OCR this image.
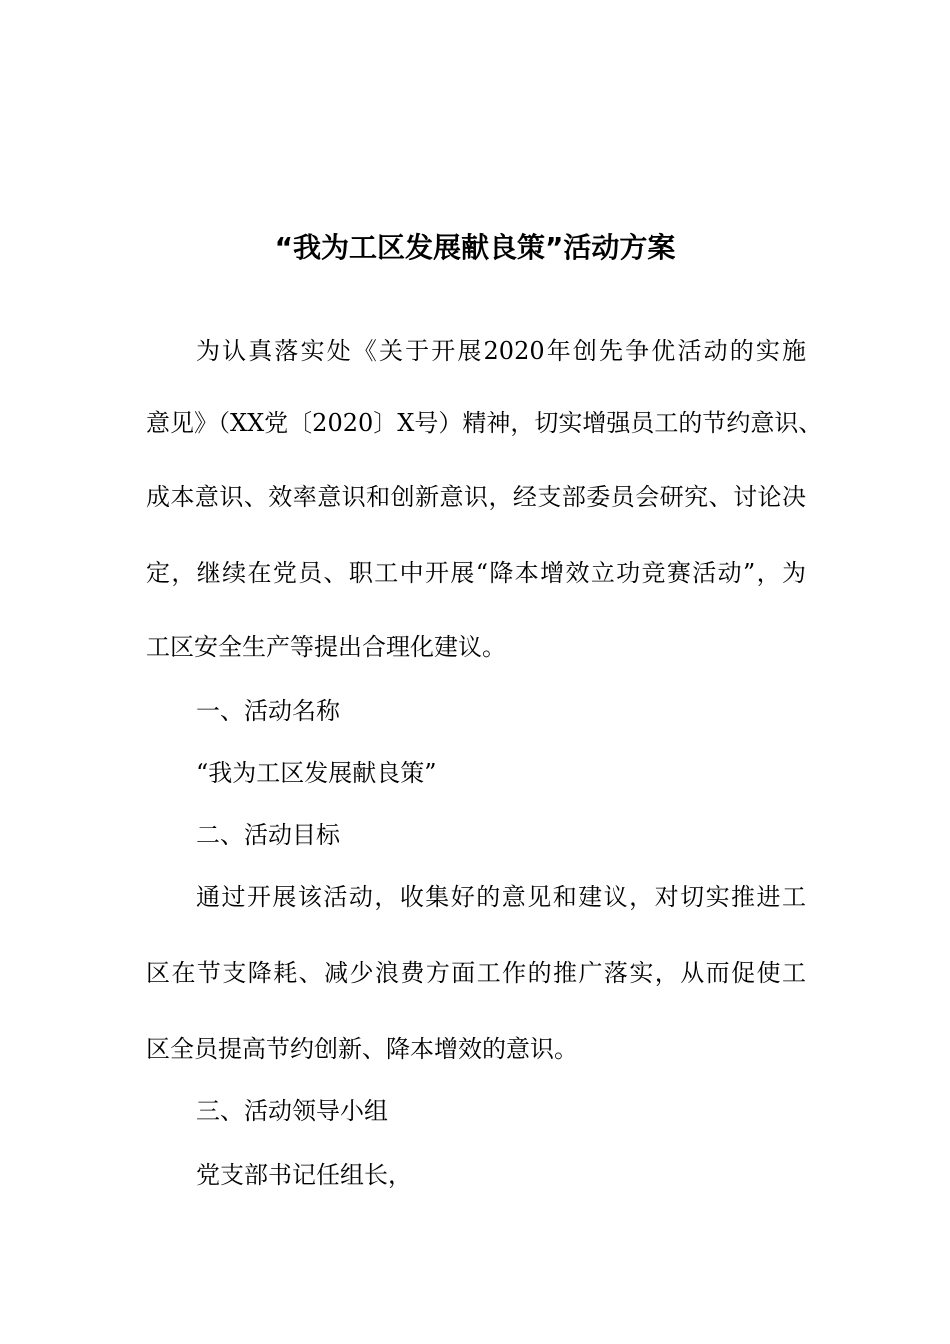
“我为工区发展献良策”活动方案
为认真落实处《关于开展2020年创先争优活动的实施
意见》（XX党〔2020〕X号）精神，切实增强员工的节约意识、
成本意识、效率意识和创新意识，经支部委员会研究、讨论决
定，继续在党员、职工中开展“降本增效立功竞赛活动”，为
工区安全生产等提出合理化建议。
一、活动名称
“我为工区发展献良策”
二、活动目标
通过开展该活动，收集好的意见和建议，对切实推进工
区在节支降耗、减少浪费方面工作的推广落实，从而促使工
区全员提高节约创新、降本增效的意识。
三、活动领导小组
党支部书记任组长，
